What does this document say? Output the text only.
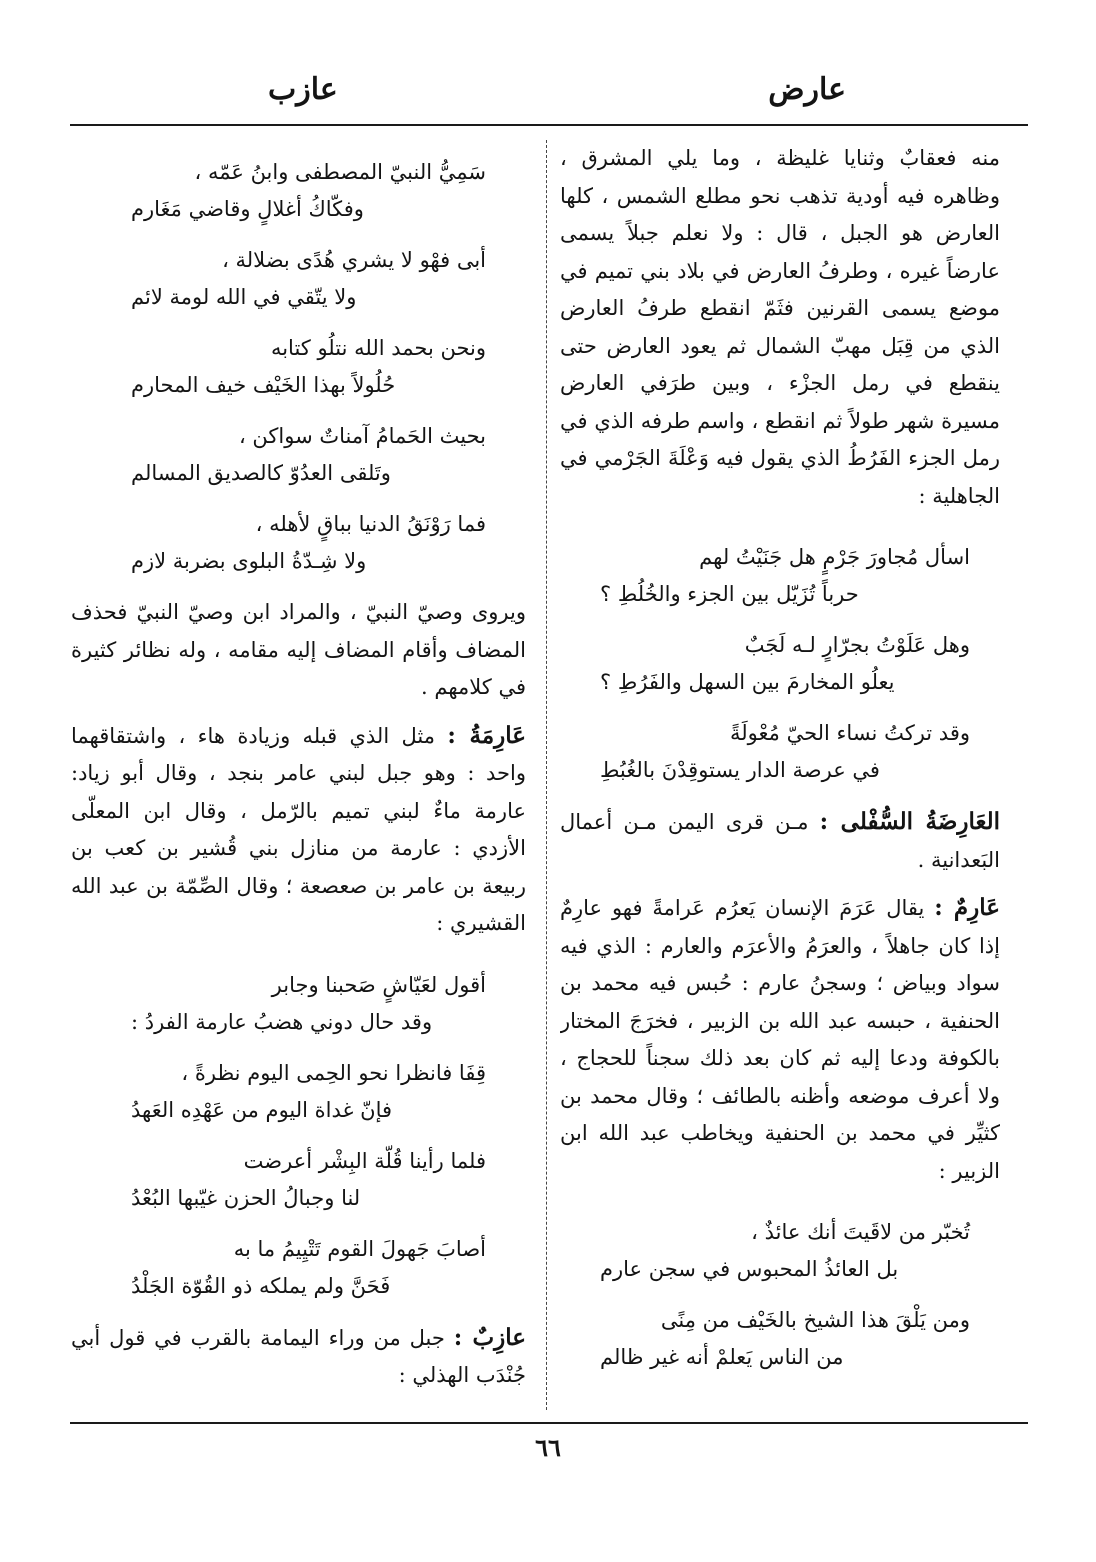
عارض
عازب

منه فعقابٌ وثنايا غليظة ، وما يلي المشرق ، وظاهره فيه أودية تذهب نحو مطلع الشمس ، كلها العارض هو الجبل ، قال : ولا نعلم جبلاً يسمى عارضاً غيره ، وطرفُ العارض في بلاد بني تميم في موضع يسمى القرنين فثَمّ انقطع طرفُ العارض الذي من قِبَل مهبّ الشمال ثم يعود العارض حتى ينقطع في رمل الجزْء ، وبين طرَفي العارض مسيرة شهر طولاً ثم انقطع ، واسم طرفه الذي في رمل الجزء الفَرُطُ الذي يقول فيه وَعْلَةَ الجَرْمي في الجاهلية :

اسأل مُجاورَ جَرْمٍ هل جَنَيْتُ لهم
حرباً تُزَيّل بين الجزء والخُلُطِ ؟
وهل عَلَوْتُ بجرّارٍ لـه لَجَبٌ
يعلُو المخارمَ بين السهل والفَرُطِ ؟
وقد تركتُ نساء الحيّ مُعْولَةً
في عرصة الدار يستوقِدْنَ بالغُبُطِ

العَارِضَةُ السُّفْلى : مـن قرى اليمن مـن أعمال البَعدانية .

عَارِمٌ : يقال عَرَمَ الإنسان يَعرُم عَرامةً فهو عارِمٌ إذا كان جاهلاً ، والعرَمُ والأعرَم والعارم : الذي فيه سواد وبياض ؛ وسجنُ عارم : حُبس فيه محمد بن الحنفية ، حبسه عبد الله بن الزبير ، فخرَجَ المختار بالكوفة ودعا إليه ثم كان بعد ذلك سجناً للحجاج ، ولا أعرف موضعه وأظنه بالطائف ؛ وقال محمد بن كثيِّر في محمد بن الحنفية ويخاطب عبد الله ابن الزبير :

تُخبّر من لاقَيتَ أنك عائذٌ ،
بل العائذُ المحبوس في سجن عارم
ومن يَلْقَ هذا الشيخ بالخَيْف من مِنًى
من الناس يَعلمْ أنه غير ظالم
سَمِيُّ النبيّ المصطفى وابنُ عَمّه ،
وفكّاكُ أغلالٍ وقاضي مَغَارم
أبى فهْو لا يشري هُدًى بضلالة ،
ولا يتّقي في الله لومة لائم
ونحن بحمد الله نتلُو كتابه
حُلُولاً بهذا الخَيْف خيف المحارم
بحيث الحَمامُ آمناتٌ سواكن ،
وتَلقى العدُوّ كالصديق المسالم
فما رَوْنَقُ الدنيا بباقٍ لأهله ،
ولا شِـدّةُ البلوى بضربة لازم

ويروى وصيّ النبيّ ، والمراد ابن وصيّ النبيّ فحذف المضاف وأقام المضاف إليه مقامه ، وله نظائر كثيرة في كلامهم .

عَارِمَةُ : مثل الذي قبله وزيادة هاء ، واشتقاقهما واحد : وهو جبل لبني عامر بنجد ، وقال أبو زياد: عارمة ماءٌ لبني تميم بالرّمل ، وقال ابن المعلّى الأزدي : عارمة من منازل بني قُشير بن كعب بن ربيعة بن عامر بن صعصعة ؛ وقال الصِّمّة بن عبد الله القشيري :

أقول لعَيّاشٍ صَحبنا وجابر
وقد حال دوني هضبُ عارمة الفردُ :
قِفَا فانظرا نحو الحِمى اليوم نظرةً ،
فإنّ غداة اليوم من عَهْدِه العَهدُ
فلما رأينا قُلّة البِشْر أعرضت
لنا وجبالُ الحزن غيّبها البُعْدُ
أصابَ جَهولَ القوم تَتْيِيمُ ما به
فَحَنَّ ولم يملكه ذو القُوّة الجَلْدُ

عازِبٌ : جبل من وراء اليمامة بالقرب في قول أبي جُنْدَب الهذلي :

٦٦
